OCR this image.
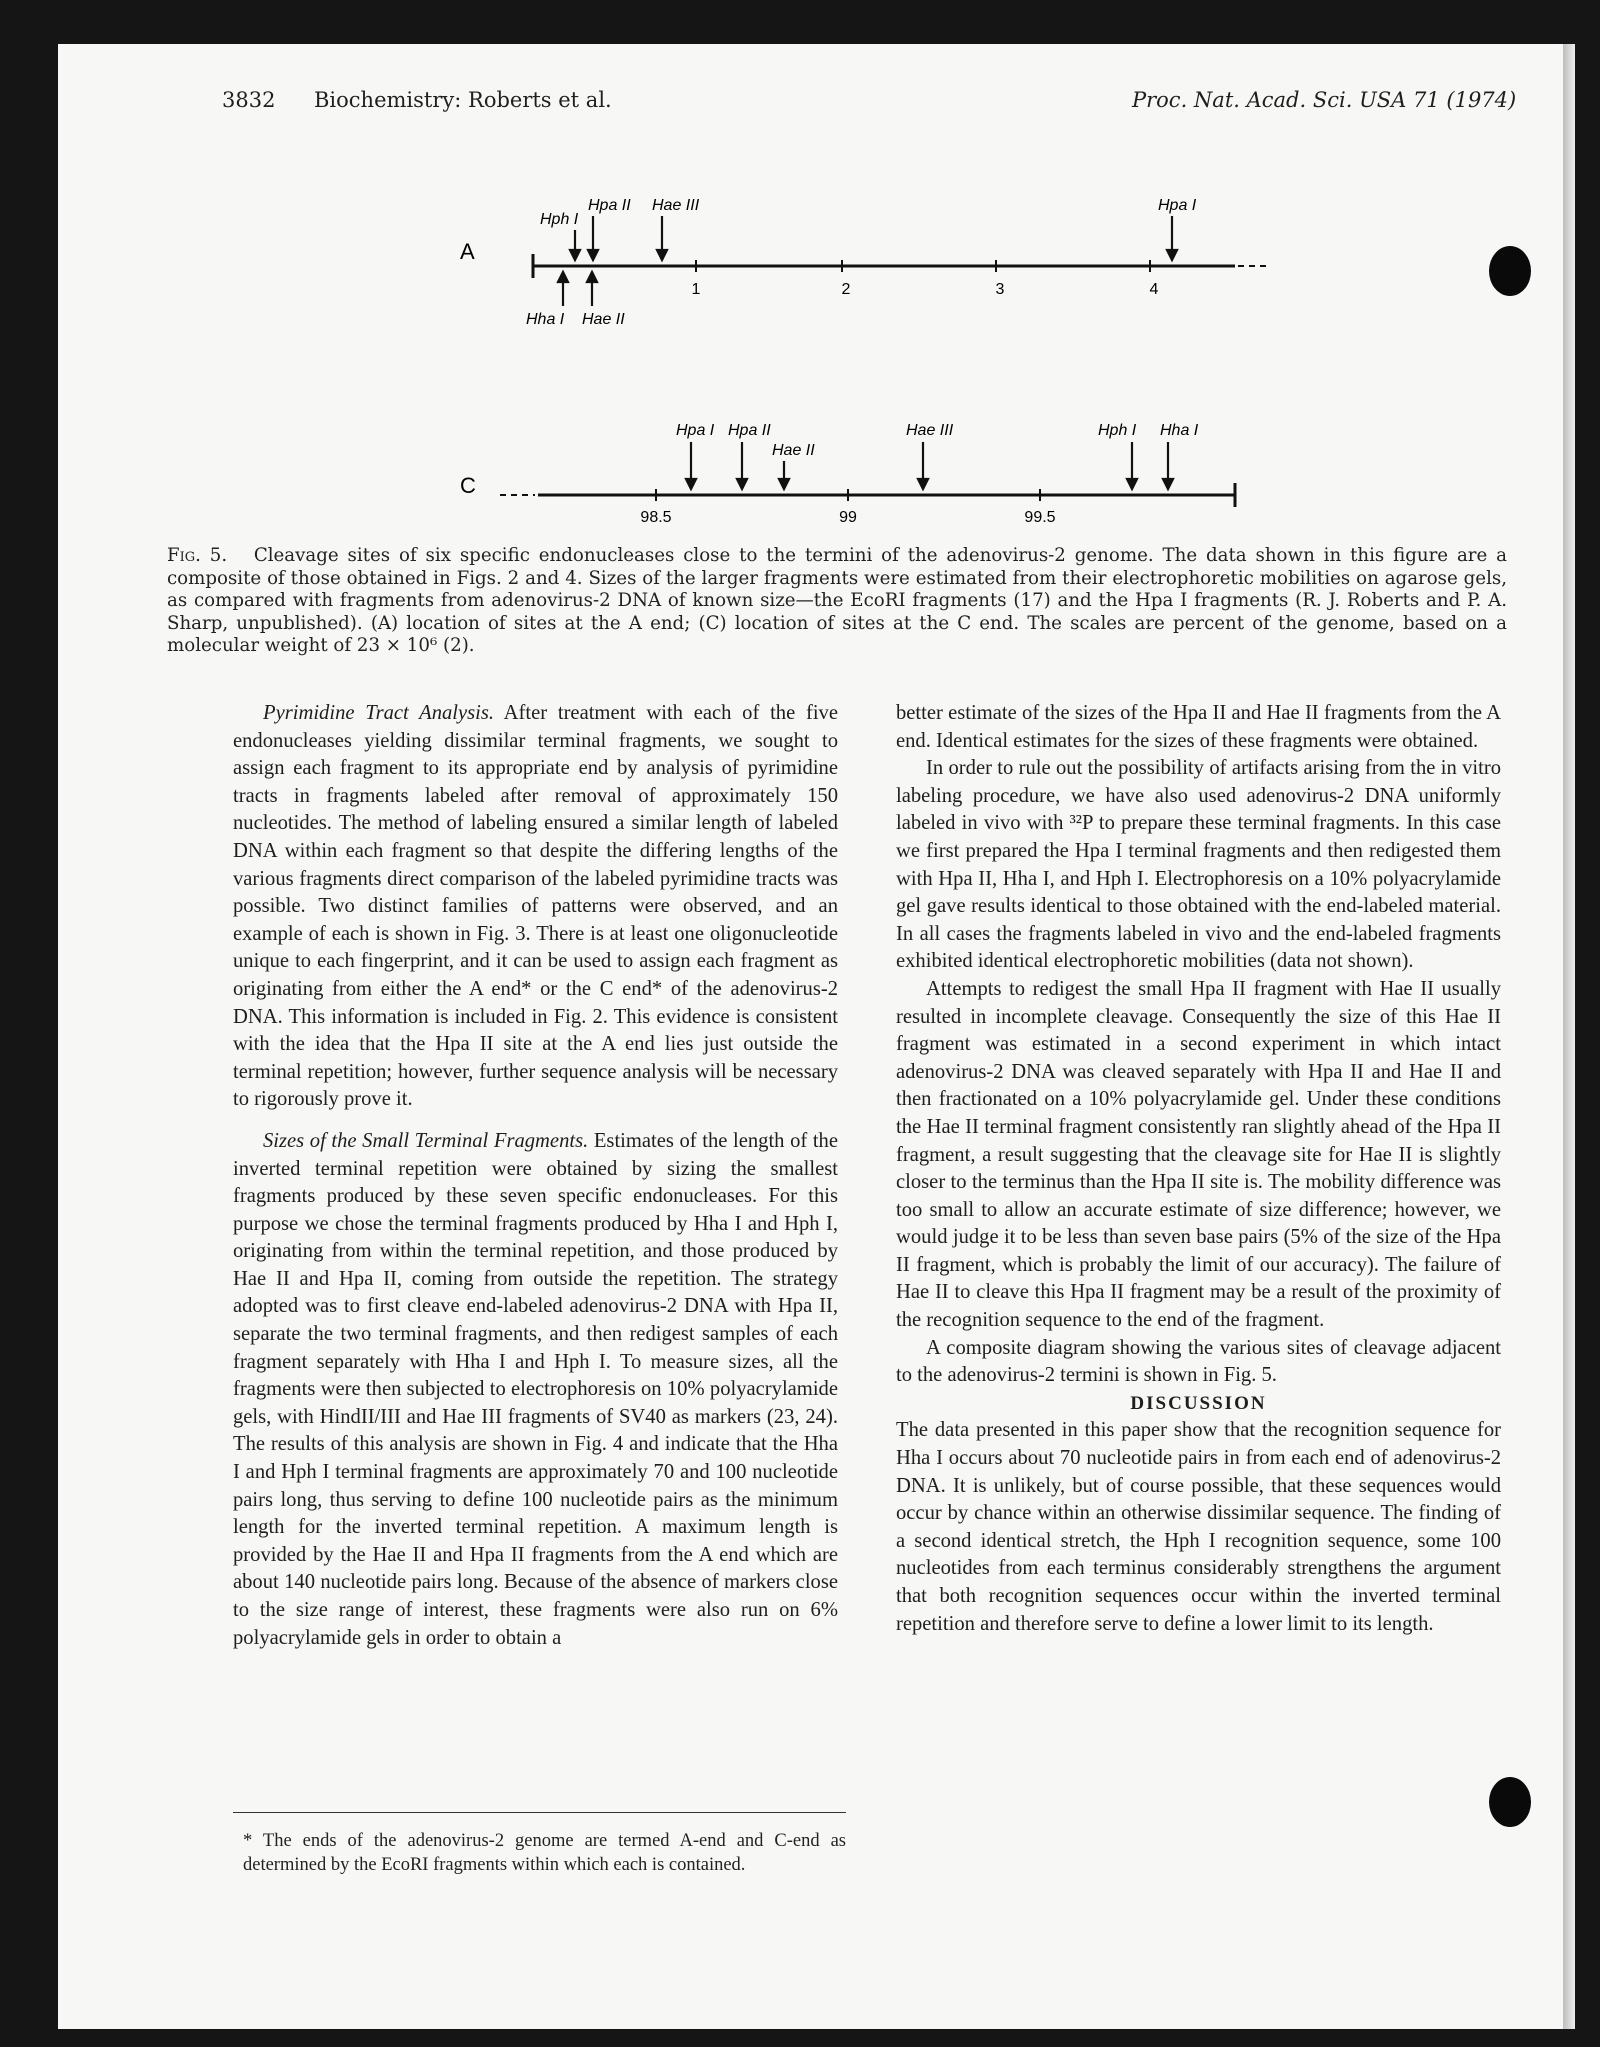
3832 Biochemistry: Roberts et al.	Proc. Nat. Acad. Sci. USA 71 (1974)
A
1	2	3	4
Hph I
Hpa II Hae III	Hpa I
Hha I Hae II
C
98.5	99	99.5
Hpa I Hpa II
Hae II
Hae III	Hph I Hha I
Fig. 5. Cleavage sites of six specific endonucleases close to the termini of the adenovirus-2 genome. The data shown in this figure are a composite of those obtained in Figs. 2 and 4. Sizes of the larger fragments were estimated from their electrophoretic mobilities on agarose gels, as compared with fragments from adenovirus-2 DNA of known size—the EcoRI fragments (17) and the Hpa I fragments (R. J. Roberts and P. A. Sharp, unpublished). (A) location of sites at the A end; (C) location of sites at the C end. The scales are percent of the genome, based on a molecular weight of 23 × 10⁶ (2).

Pyrimidine Tract Analysis. After treatment with each of the five endonucleases yielding dissimilar terminal fragments, we sought to assign each fragment to its appropriate end by analysis of pyrimidine tracts in fragments labeled after removal of approximately 150 nucleotides. The method of labeling ensured a similar length of labeled DNA within each fragment so that despite the differing lengths of the various fragments direct comparison of the labeled pyrimidine tracts was possible. Two distinct families of patterns were observed, and an example of each is shown in Fig. 3. There is at least one oligonucleotide unique to each fingerprint, and it can be used to assign each fragment as originating from either the A end* or the C end* of the adenovirus-2 DNA. This information is included in Fig. 2. This evidence is consistent with the idea that the Hpa II site at the A end lies just outside the terminal repetition; however, further sequence analysis will be necessary to rigorously prove it.

Sizes of the Small Terminal Fragments. Estimates of the length of the inverted terminal repetition were obtained by sizing the smallest fragments produced by these seven specific endonucleases. For this purpose we chose the terminal fragments produced by Hha I and Hph I, originating from within the terminal repetition, and those produced by Hae II and Hpa II, coming from outside the repetition. The strategy adopted was to first cleave end-labeled adenovirus-2 DNA with Hpa II, separate the two terminal fragments, and then redigest samples of each fragment separately with Hha I and Hph I. To measure sizes, all the fragments were then subjected to electrophoresis on 10% polyacrylamide gels, with HindII/III and Hae III fragments of SV40 as markers (23, 24). The results of this analysis are shown in Fig. 4 and indicate that the Hha I and Hph I terminal fragments are approximately 70 and 100 nucleotide pairs long, thus serving to define 100 nucleotide pairs as the minimum length for the inverted terminal repetition. A maximum length is provided by the Hae II and Hpa II fragments from the A end which are about 140 nucleotide pairs long. Because of the absence of markers close to the size range of interest, these fragments were also run on 6% polyacrylamide gels in order to obtain a

* The ends of the adenovirus-2 genome are termed A-end and C-end as determined by the EcoRI fragments within which each is contained.

better estimate of the sizes of the Hpa II and Hae II fragments from the A end. Identical estimates for the sizes of these fragments were obtained.

In order to rule out the possibility of artifacts arising from the in vitro labeling procedure, we have also used adenovirus-2 DNA uniformly labeled in vivo with ³²P to prepare these terminal fragments. In this case we first prepared the Hpa I terminal fragments and then redigested them with Hpa II, Hha I, and Hph I. Electrophoresis on a 10% polyacrylamide gel gave results identical to those obtained with the end-labeled material. In all cases the fragments labeled in vivo and the end-labeled fragments exhibited identical electrophoretic mobilities (data not shown).

Attempts to redigest the small Hpa II fragment with Hae II usually resulted in incomplete cleavage. Consequently the size of this Hae II fragment was estimated in a second experiment in which intact adenovirus-2 DNA was cleaved separately with Hpa II and Hae II and then fractionated on a 10% polyacrylamide gel. Under these conditions the Hae II terminal fragment consistently ran slightly ahead of the Hpa II fragment, a result suggesting that the cleavage site for Hae II is slightly closer to the terminus than the Hpa II site is. The mobility difference was too small to allow an accurate estimate of size difference; however, we would judge it to be less than seven base pairs (5% of the size of the Hpa II fragment, which is probably the limit of our accuracy). The failure of Hae II to cleave this Hpa II fragment may be a result of the proximity of the recognition sequence to the end of the fragment.

A composite diagram showing the various sites of cleavage adjacent to the adenovirus-2 termini is shown in Fig. 5.

DISCUSSION

The data presented in this paper show that the recognition sequence for Hha I occurs about 70 nucleotide pairs in from each end of adenovirus-2 DNA. It is unlikely, but of course possible, that these sequences would occur by chance within an otherwise dissimilar sequence. The finding of a second identical stretch, the Hph I recognition sequence, some 100 nucleotides from each terminus considerably strengthens the argument that both recognition sequences occur within the inverted terminal repetition and therefore serve to define a lower limit to its length.
